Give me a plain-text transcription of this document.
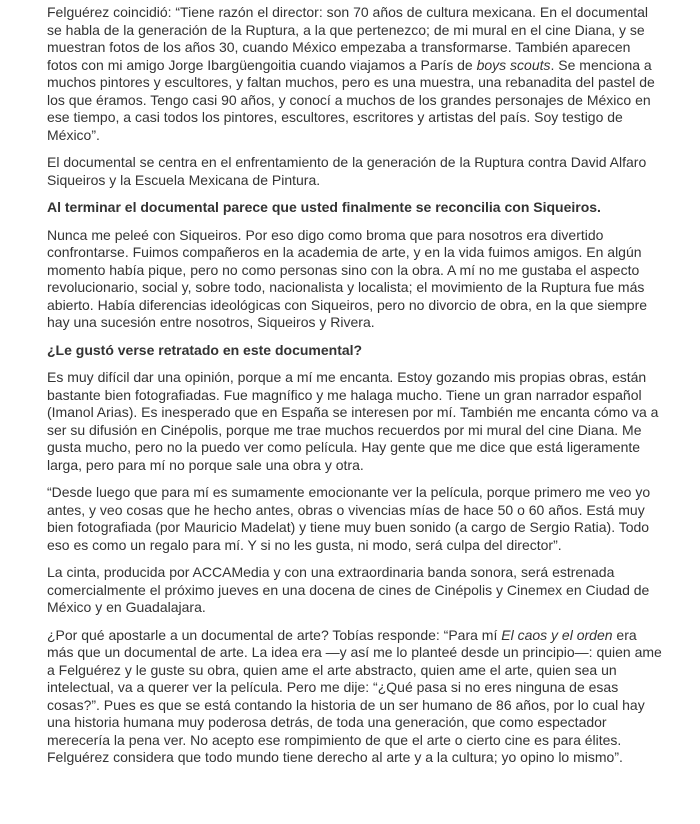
Felguérez coincidió: “Tiene razón el director: son 70 años de cultura mexicana. En el documental se habla de la generación de la Ruptura, a la que pertenezco; de mi mural en el cine Diana, y se muestran fotos de los años 30, cuando México empezaba a transformarse. También aparecen fotos con mi amigo Jorge Ibargüengoitia cuando viajamos a París de boys scouts. Se menciona a muchos pintores y escultores, y faltan muchos, pero es una muestra, una rebanadita del pastel de los que éramos. Tengo casi 90 años, y conocí a muchos de los grandes personajes de México en ese tiempo, a casi todos los pintores, escultores, escritores y artistas del país. Soy testigo de México”.

El documental se centra en el enfrentamiento de la generación de la Ruptura contra David Alfaro Siqueiros y la Escuela Mexicana de Pintura.

Al terminar el documental parece que usted finalmente se reconcilia con Siqueiros.

Nunca me peleé con Siqueiros. Por eso digo como broma que para nosotros era divertido confrontarse. Fuimos compañeros en la academia de arte, y en la vida fuimos amigos. En algún momento había pique, pero no como personas sino con la obra. A mí no me gustaba el aspecto revolucionario, social y, sobre todo, nacionalista y localista; el movimiento de la Ruptura fue más abierto. Había diferencias ideológicas con Siqueiros, pero no divorcio de obra, en la que siempre hay una sucesión entre nosotros, Siqueiros y Rivera.

¿Le gustó verse retratado en este documental?

Es muy difícil dar una opinión, porque a mí me encanta. Estoy gozando mis propias obras, están bastante bien fotografiadas. Fue magnífico y me halaga mucho. Tiene un gran narrador español (Imanol Arias). Es inesperado que en España se interesen por mí. También me encanta cómo va a ser su difusión en Cinépolis, porque me trae muchos recuerdos por mi mural del cine Diana. Me gusta mucho, pero no la puedo ver como película. Hay gente que me dice que está ligeramente larga, pero para mí no porque sale una obra y otra.

“Desde luego que para mí es sumamente emocionante ver la película, porque primero me veo yo antes, y veo cosas que he hecho antes, obras o vivencias mías de hace 50 o 60 años. Está muy bien fotografiada (por Mauricio Madelat) y tiene muy buen sonido (a cargo de Sergio Ratia). Todo eso es como un regalo para mí. Y si no les gusta, ni modo, será culpa del director”.

La cinta, producida por ACCAMedia y con una extraordinaria banda sonora, será estrenada comercialmente el próximo jueves en una docena de cines de Cinépolis y Cinemex en Ciudad de México y en Guadalajara.

¿Por qué apostarle a un documental de arte? Tobías responde: “Para mí El caos y el orden era más que un documental de arte. La idea era —y así me lo planteé desde un principio—: quien ame a Felguérez y le guste su obra, quien ame el arte abstracto, quien ame el arte, quien sea un intelectual, va a querer ver la película. Pero me dije: “¿Qué pasa si no eres ninguna de esas cosas?”. Pues es que se está contando la historia de un ser humano de 86 años, por lo cual hay una historia humana muy poderosa detrás, de toda una generación, que como espectador merecería la pena ver. No acepto ese rompimiento de que el arte o cierto cine es para élites. Felguérez considera que todo mundo tiene derecho al arte y a la cultura; yo opino lo mismo”.
